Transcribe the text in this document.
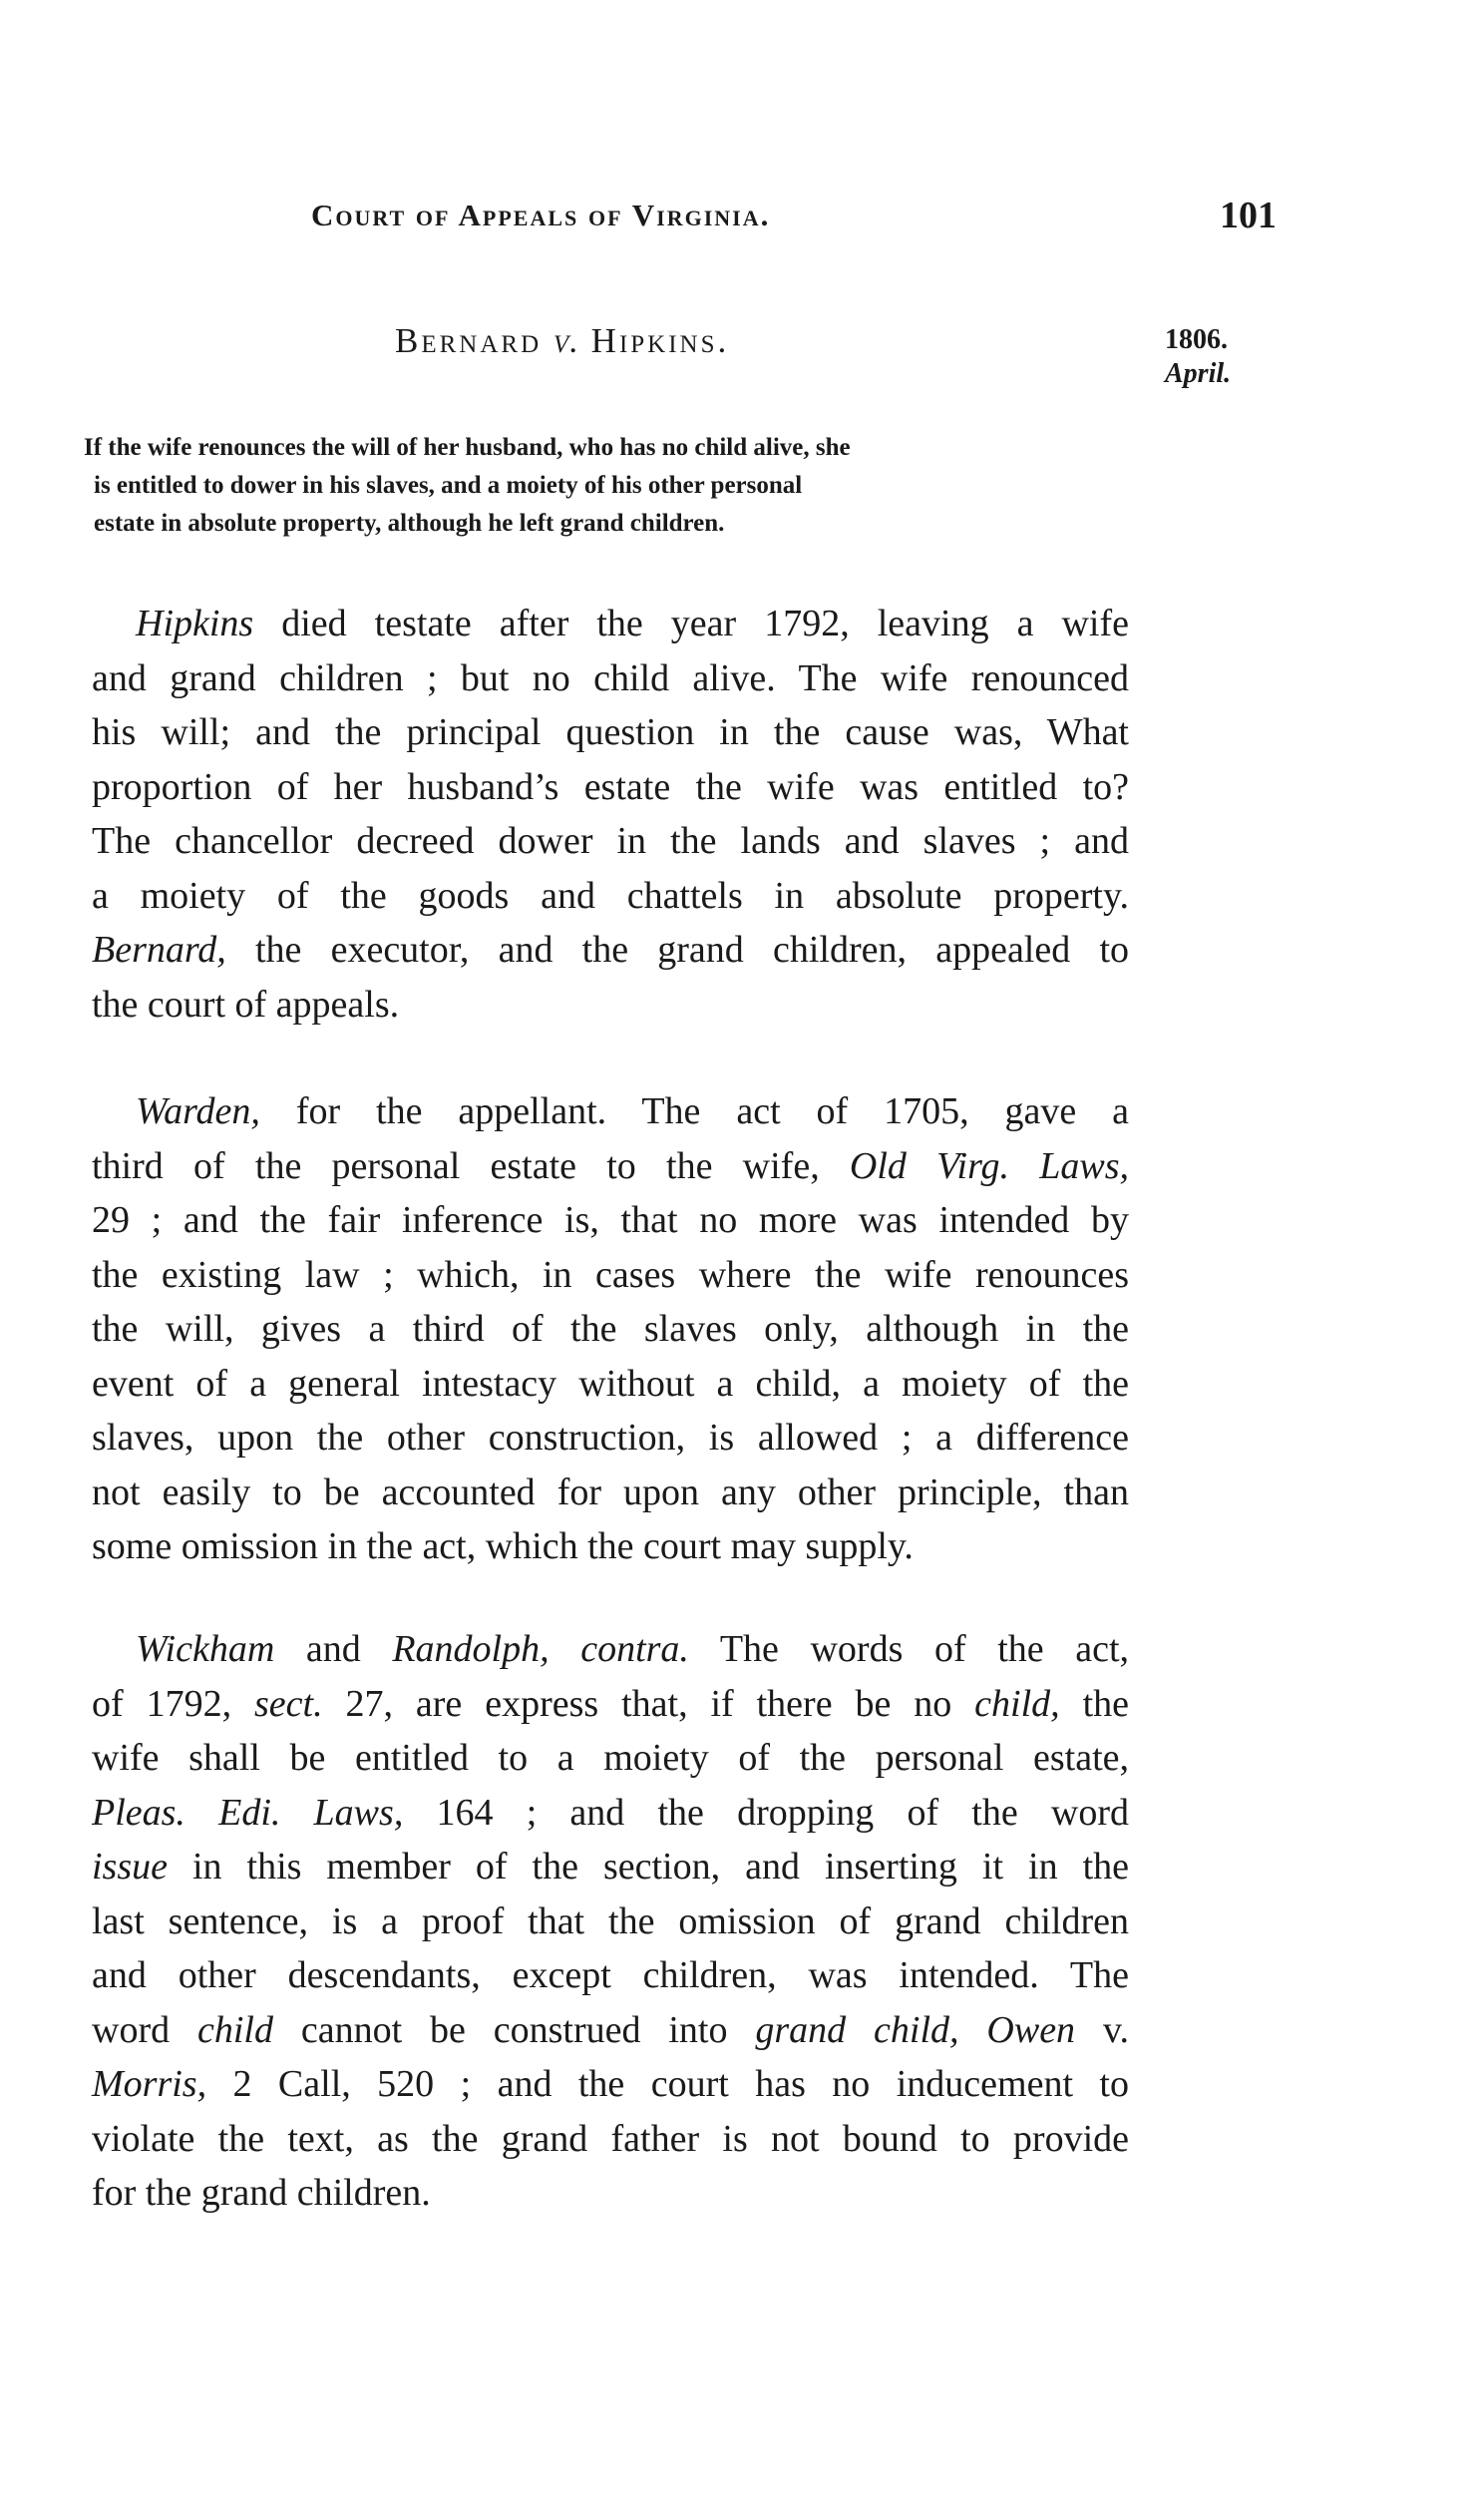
Court of Appeals of Virginia.	101
Bernard v. Hipkins.	1806.
April.
If the wife renounces the will of her husband, who has no child alive, she
is entitled to dower in his slaves, and a moiety of his other personal
estate in absolute property, although he left grand children.
Hipkins died testate after the year 1792, leaving a wife
and grand children ; but no child alive. The wife renounced
his will; and the principal question in the cause was, What
proportion of her husband’s estate the wife was entitled to?
The chancellor decreed dower in the lands and slaves ; and
a moiety of the goods and chattels in absolute property.
Bernard, the executor, and the grand children, appealed to
the court of appeals.
Warden, for the appellant. The act of 1705, gave a
third of the personal estate to the wife, Old Virg. Laws,
29 ; and the fair inference is, that no more was intended by
the existing law ; which, in cases where the wife renounces
the will, gives a third of the slaves only, although in the
event of a general intestacy without a child, a moiety of the
slaves, upon the other construction, is allowed ; a difference
not easily to be accounted for upon any other principle, than
some omission in the act, which the court may supply.
Wickham and Randolph, contra. The words of the act,
of 1792, sect. 27, are express that, if there be no child, the
wife shall be entitled to a moiety of the personal estate,
Pleas. Edi. Laws, 164 ; and the dropping of the word
issue in this member of the section, and inserting it in the
last sentence, is a proof that the omission of grand children
and other descendants, except children, was intended. The
word child cannot be construed into grand child, Owen v.
Morris, 2 Call, 520 ; and the court has no inducement to
violate the text, as the grand father is not bound to provide
for the grand children.
